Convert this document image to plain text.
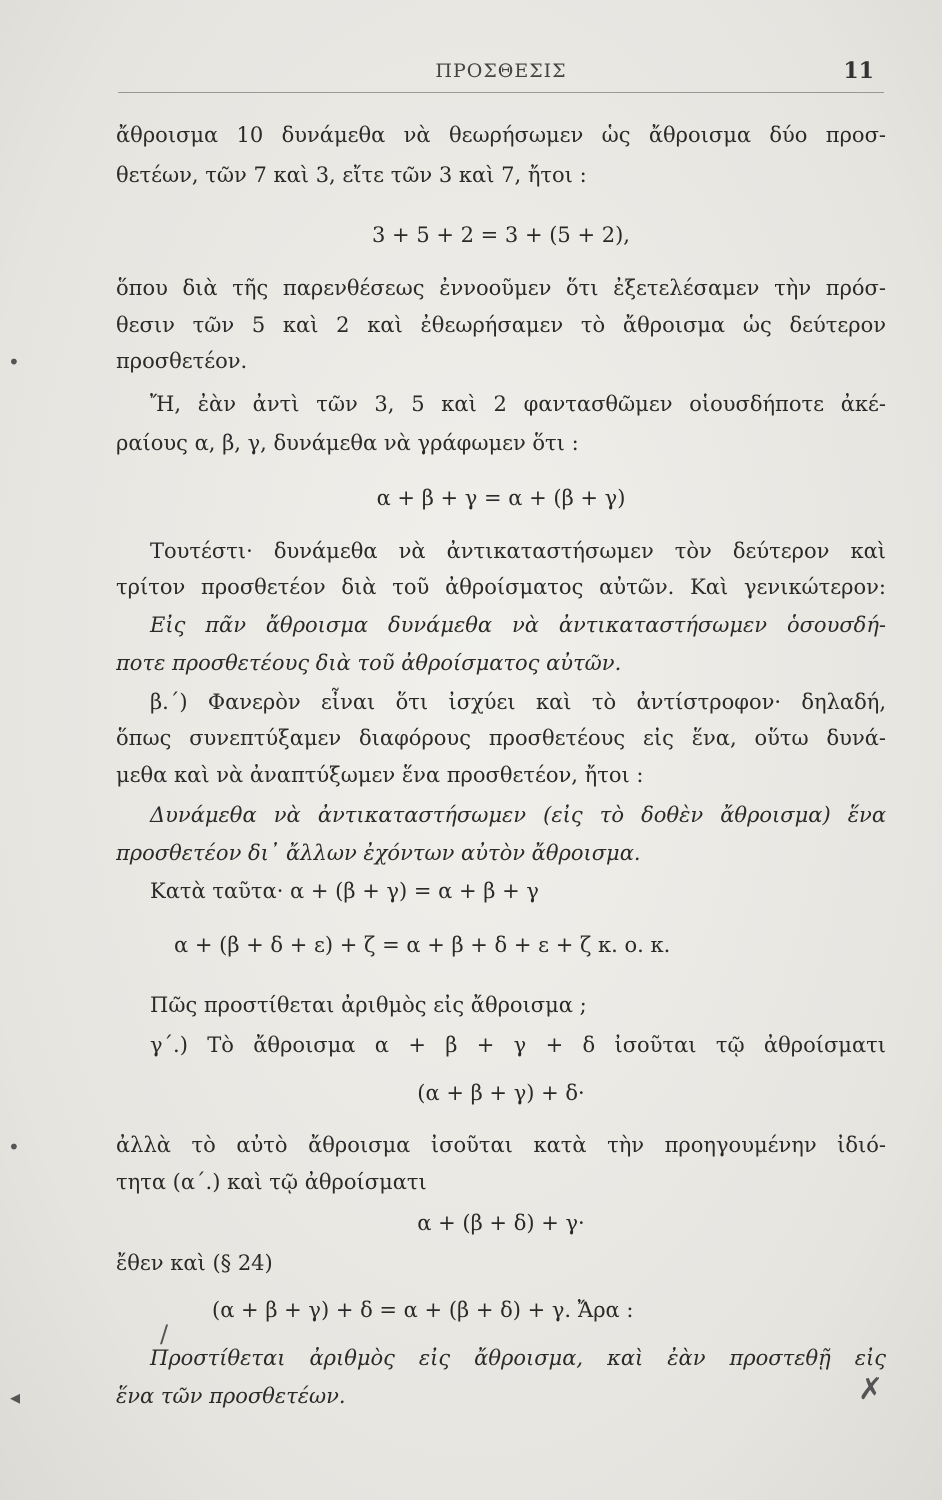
ΠΡΟΣΘΕΣΙΣ	11
ἄθροισμα 10 δυνάμεθα νὰ θεωρήσωμεν ὡς ἄθροισμα δύο προσ-
θετέων, τῶν 7 καὶ 3, εἴτε τῶν 3 καὶ 7, ἤτοι :
3 + 5 + 2 = 3 + (5 + 2),
ὅπου διὰ τῆς παρενθέσεως ἐννοοῦμεν ὅτι ἐξετελέσαμεν τὴν πρόσ-
θεσιν τῶν 5 καὶ 2 καὶ ἐθεωρήσαμεν τὸ ἄθροισμα ὡς δεύτερον
προσθετέον.
Ἤ, ἐὰν ἀντὶ τῶν 3, 5 καὶ 2 φαντασθῶμεν οἱουσδήποτε ἀκέ-
ραίους α, β, γ, δυνάμεθα νὰ γράφωμεν ὅτι :
α + β + γ = α + (β + γ)
Τουτέστι· δυνάμεθα νὰ ἀντικαταστήσωμεν τὸν δεύτερον καὶ
τρίτον προσθετέον διὰ τοῦ ἀθροίσματος αὐτῶν. Καὶ γενικώτερον:
Εἰς πᾶν ἄθροισμα δυνάμεθα νὰ ἀντικαταστήσωμεν ὁσουσδή-
ποτε προσθετέους διὰ τοῦ ἀθροίσματος αὐτῶν.
β.΄) Φανερὸν εἶναι ὅτι ἰσχύει καὶ τὸ ἀντίστροφον· δηλαδή,
ὅπως συνεπτύξαμεν διαφόρους προσθετέους εἰς ἕνα, οὕτω δυνά-
μεθα καὶ νὰ ἀναπτύξωμεν ἕνα προσθετέον, ἤτοι :
Δυνάμεθα νὰ ἀντικαταστήσωμεν (εἰς τὸ δοθὲν ἄθροισμα) ἕνα
προσθετέον δι᾿ ἄλλων ἐχόντων αὐτὸν ἄθροισμα.
Κατὰ ταῦτα· α + (β + γ) = α + β + γ
α + (β + δ + ε) + ζ = α + β + δ + ε + ζ κ. ο. κ.
Πῶς προστίθεται ἀριθμὸς εἰς ἄθροισμα ;
γ΄.) Τὸ ἄθροισμα α + β + γ + δ ἰσοῦται τῷ ἀθροίσματι
(α + β + γ) + δ·
ἀλλὰ τὸ αὐτὸ ἄθροισμα ἰσοῦται κατὰ τὴν προηγουμένην ἰδιό-
τητα (α΄.) καὶ τῷ ἀθροίσματι
α + (β + δ) + γ·
ἔθεν καὶ (§ 24)
(α + β + γ) + δ = α + (β + δ) + γ. Ἄρα :
Προστίθεται ἀριθμὸς εἰς ἄθροισμα, καὶ ἐὰν προστεθῇ εἰς
ἕνα τῶν προσθετέων.
•
•
◂	✗
/
